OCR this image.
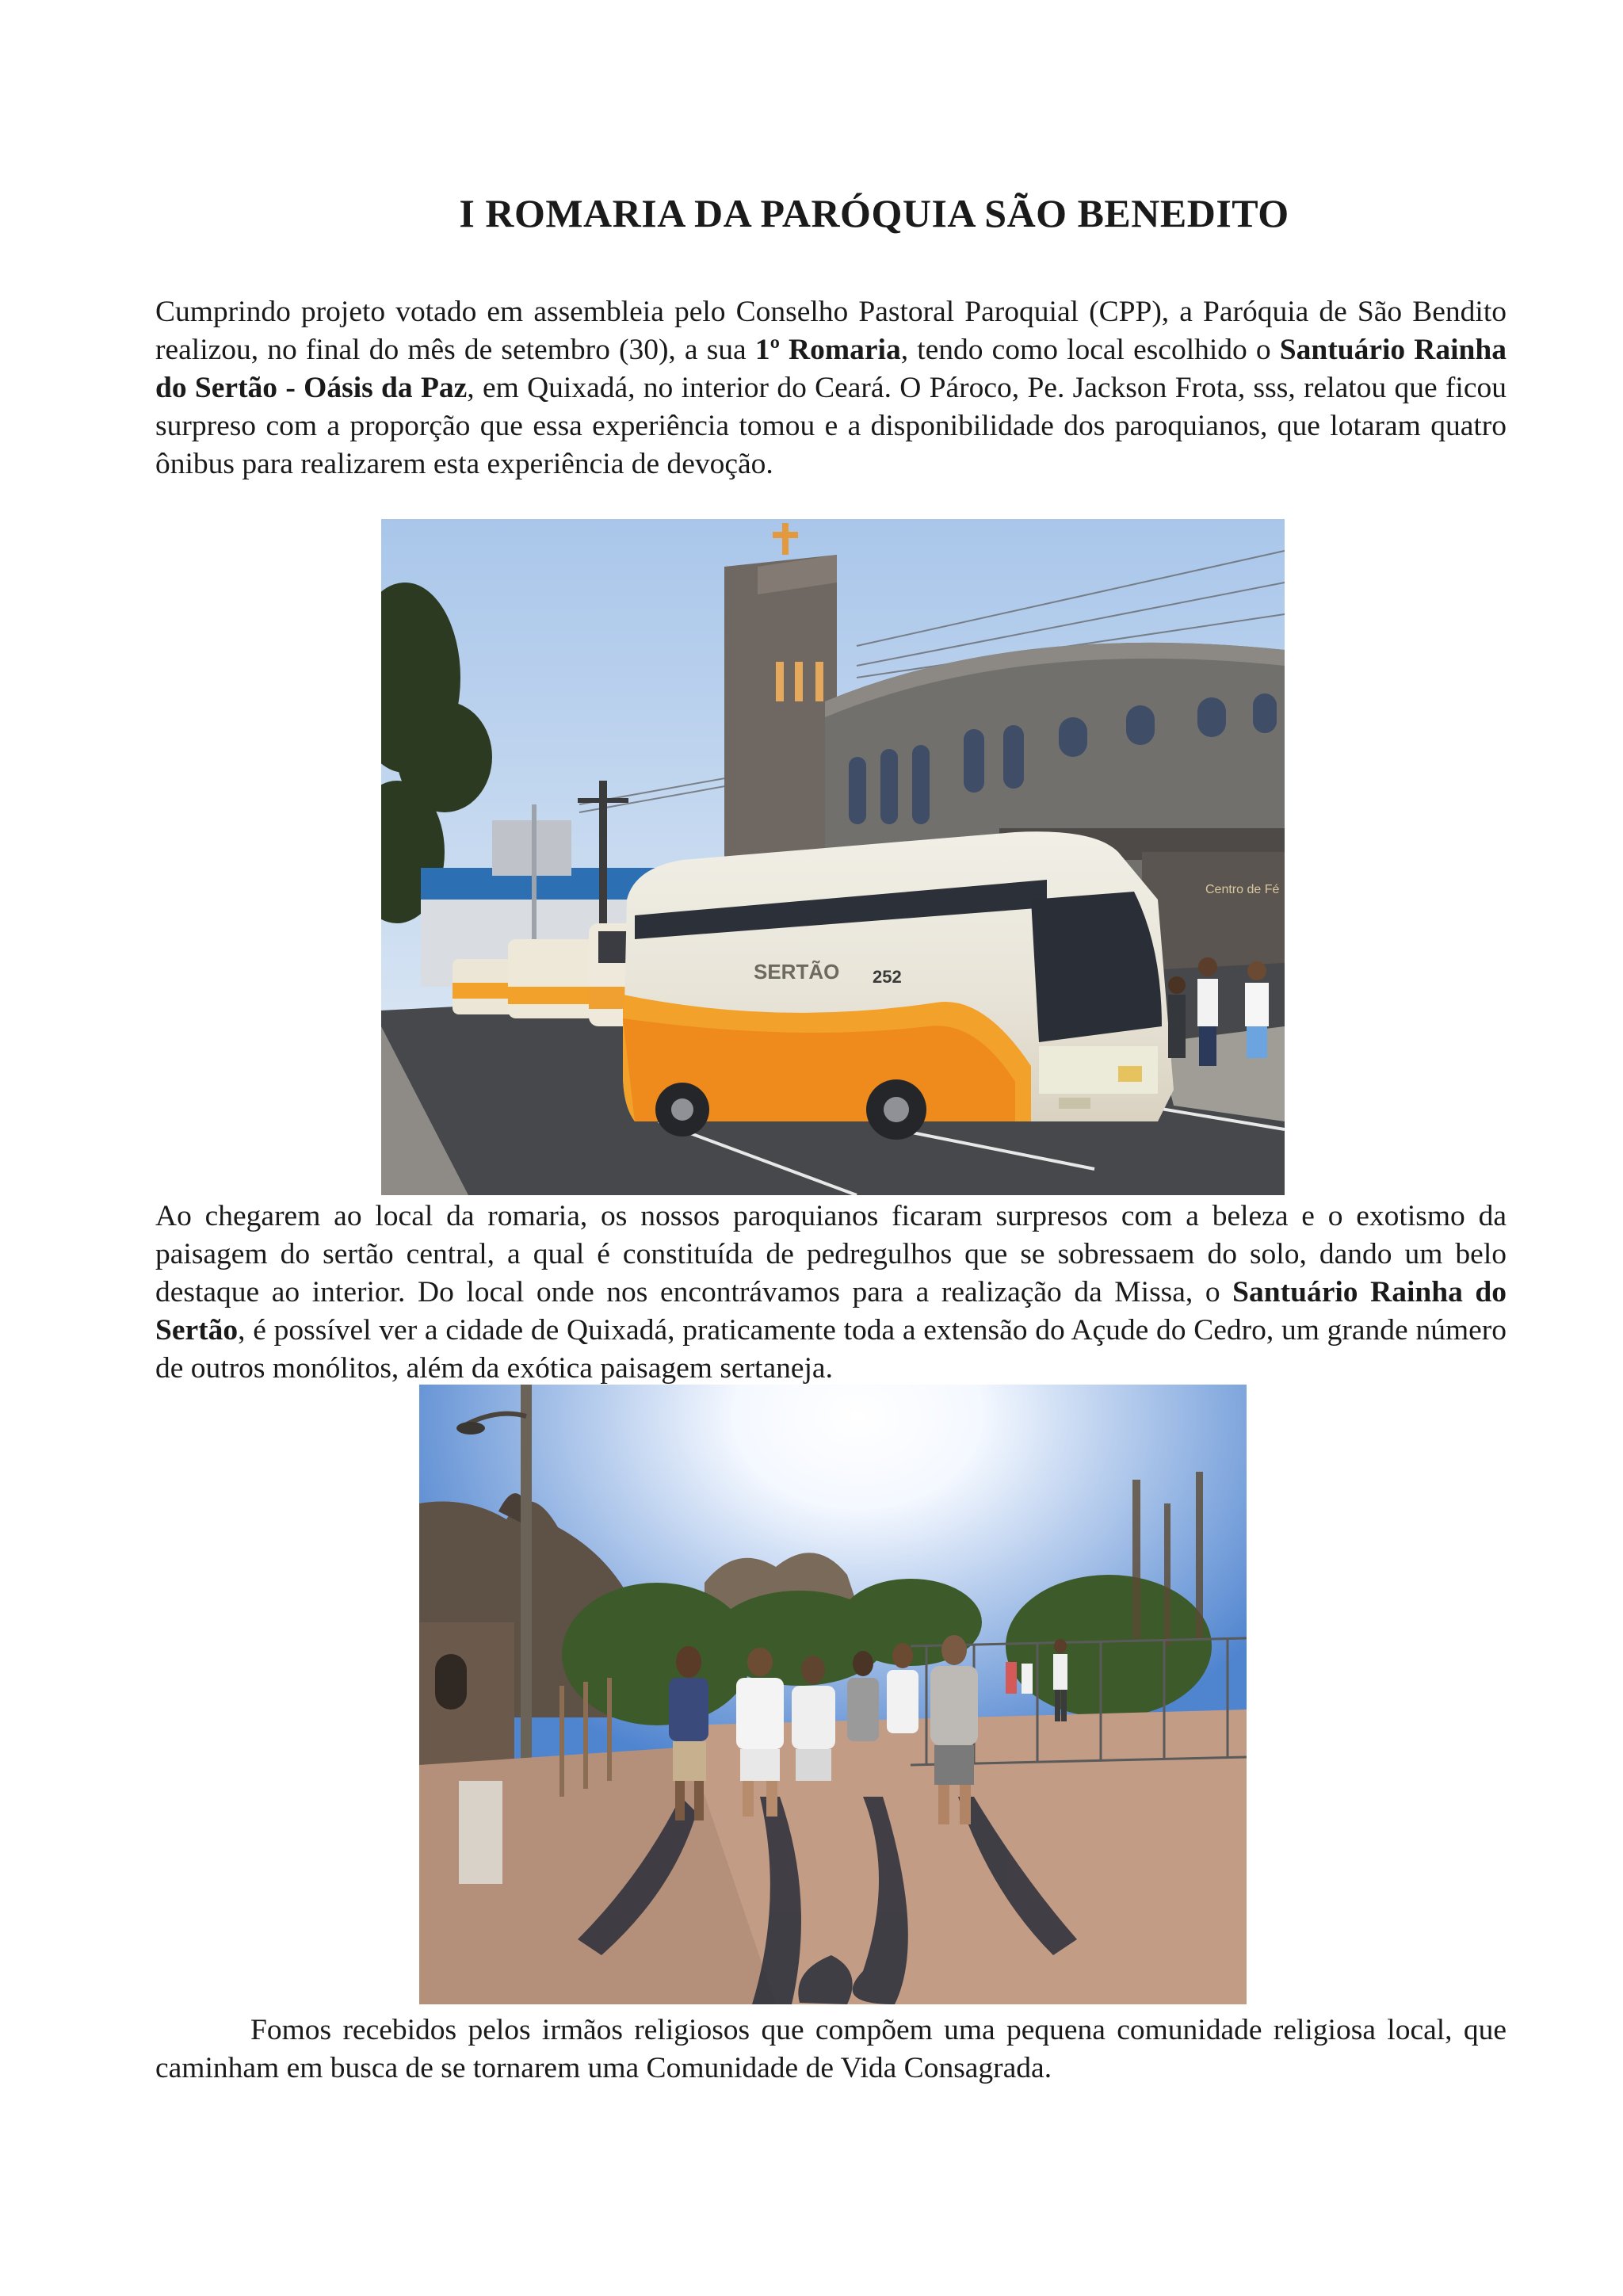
I ROMARIA DA PARÓQUIA SÃO BENEDITO

Cumprindo projeto votado em assembleia pelo Conselho Pastoral Paroquial (CPP), a Paróquia de São Bendito realizou, no final do mês de setembro (30), a sua 1º Romaria, tendo como local escolhido o Santuário Rainha do Sertão - Oásis da Paz, em Quixadá, no interior do Ceará. O Pároco, Pe. Jackson Frota, sss, relatou que ficou surpreso com a proporção que essa experiência tomou e a disponibilidade dos paroquianos, que lotaram quatro ônibus para realizarem esta experiência de devoção.

Centro de Fé
SERTÃO 252

Ao chegarem ao local da romaria, os nossos paroquianos ficaram surpresos com a beleza e o exotismo da paisagem do sertão central, a qual é constituída de pedregulhos que se sobressaem do solo, dando um belo destaque ao interior. Do local onde nos encontrávamos para a realização da Missa, o Santuário Rainha do Sertão, é possível ver a cidade de Quixadá, praticamente toda a extensão do Açude do Cedro, um grande número de outros monólitos, além da exótica paisagem sertaneja.

Fomos recebidos pelos irmãos religiosos que compõem uma pequena comunidade religiosa local, que caminham em busca de se tornarem uma Comunidade de Vida Consagrada.
